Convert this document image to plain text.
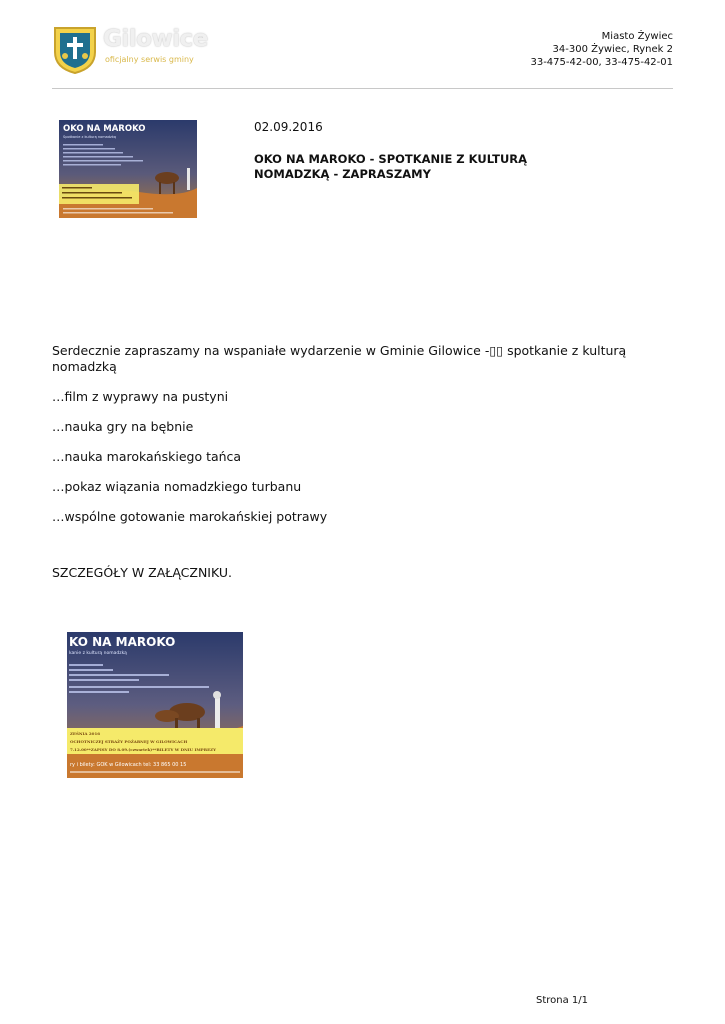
Gilowice
oficjalny serwis gminy
Miasto Żywiec
34-300 Żywiec, Rynek 2
33-475-42-00, 33-475-42-01
OKO NA MAROKO
Spotkanie z kulturą nomadzką
02.09.2016
OKO NA MAROKO - SPOTKANIE Z KULTURĄ NOMADZKĄ - ZAPRASZAMY

Serdecznie zapraszamy na wspaniałe wydarzenie w Gminie Gilowice -▯▯ spotkanie z kulturą nomadzką

…film z wyprawy na pustyni

…nauka gry na bębnie

…nauka marokańskiego tańca

…pokaz wiązania nomadzkiego turbanu

…wspólne gotowanie marokańskiej potrawy

SZCZEGÓŁY W ZAŁĄCZNIKU.

KO NA MAROKO
kanie z kulturą nomadzką
ZEŚNIA 2016
OCHOTNICZEJ STRAŻY POŻARNEJ W GILOWICACH
7.12.00**ZAPISY DO 8.09.(czwartek)**BILETY W DNIU IMPREZY
ry i bilety: GOK w Gilowicach tel: 33 865 00 15
Strona 1/1
